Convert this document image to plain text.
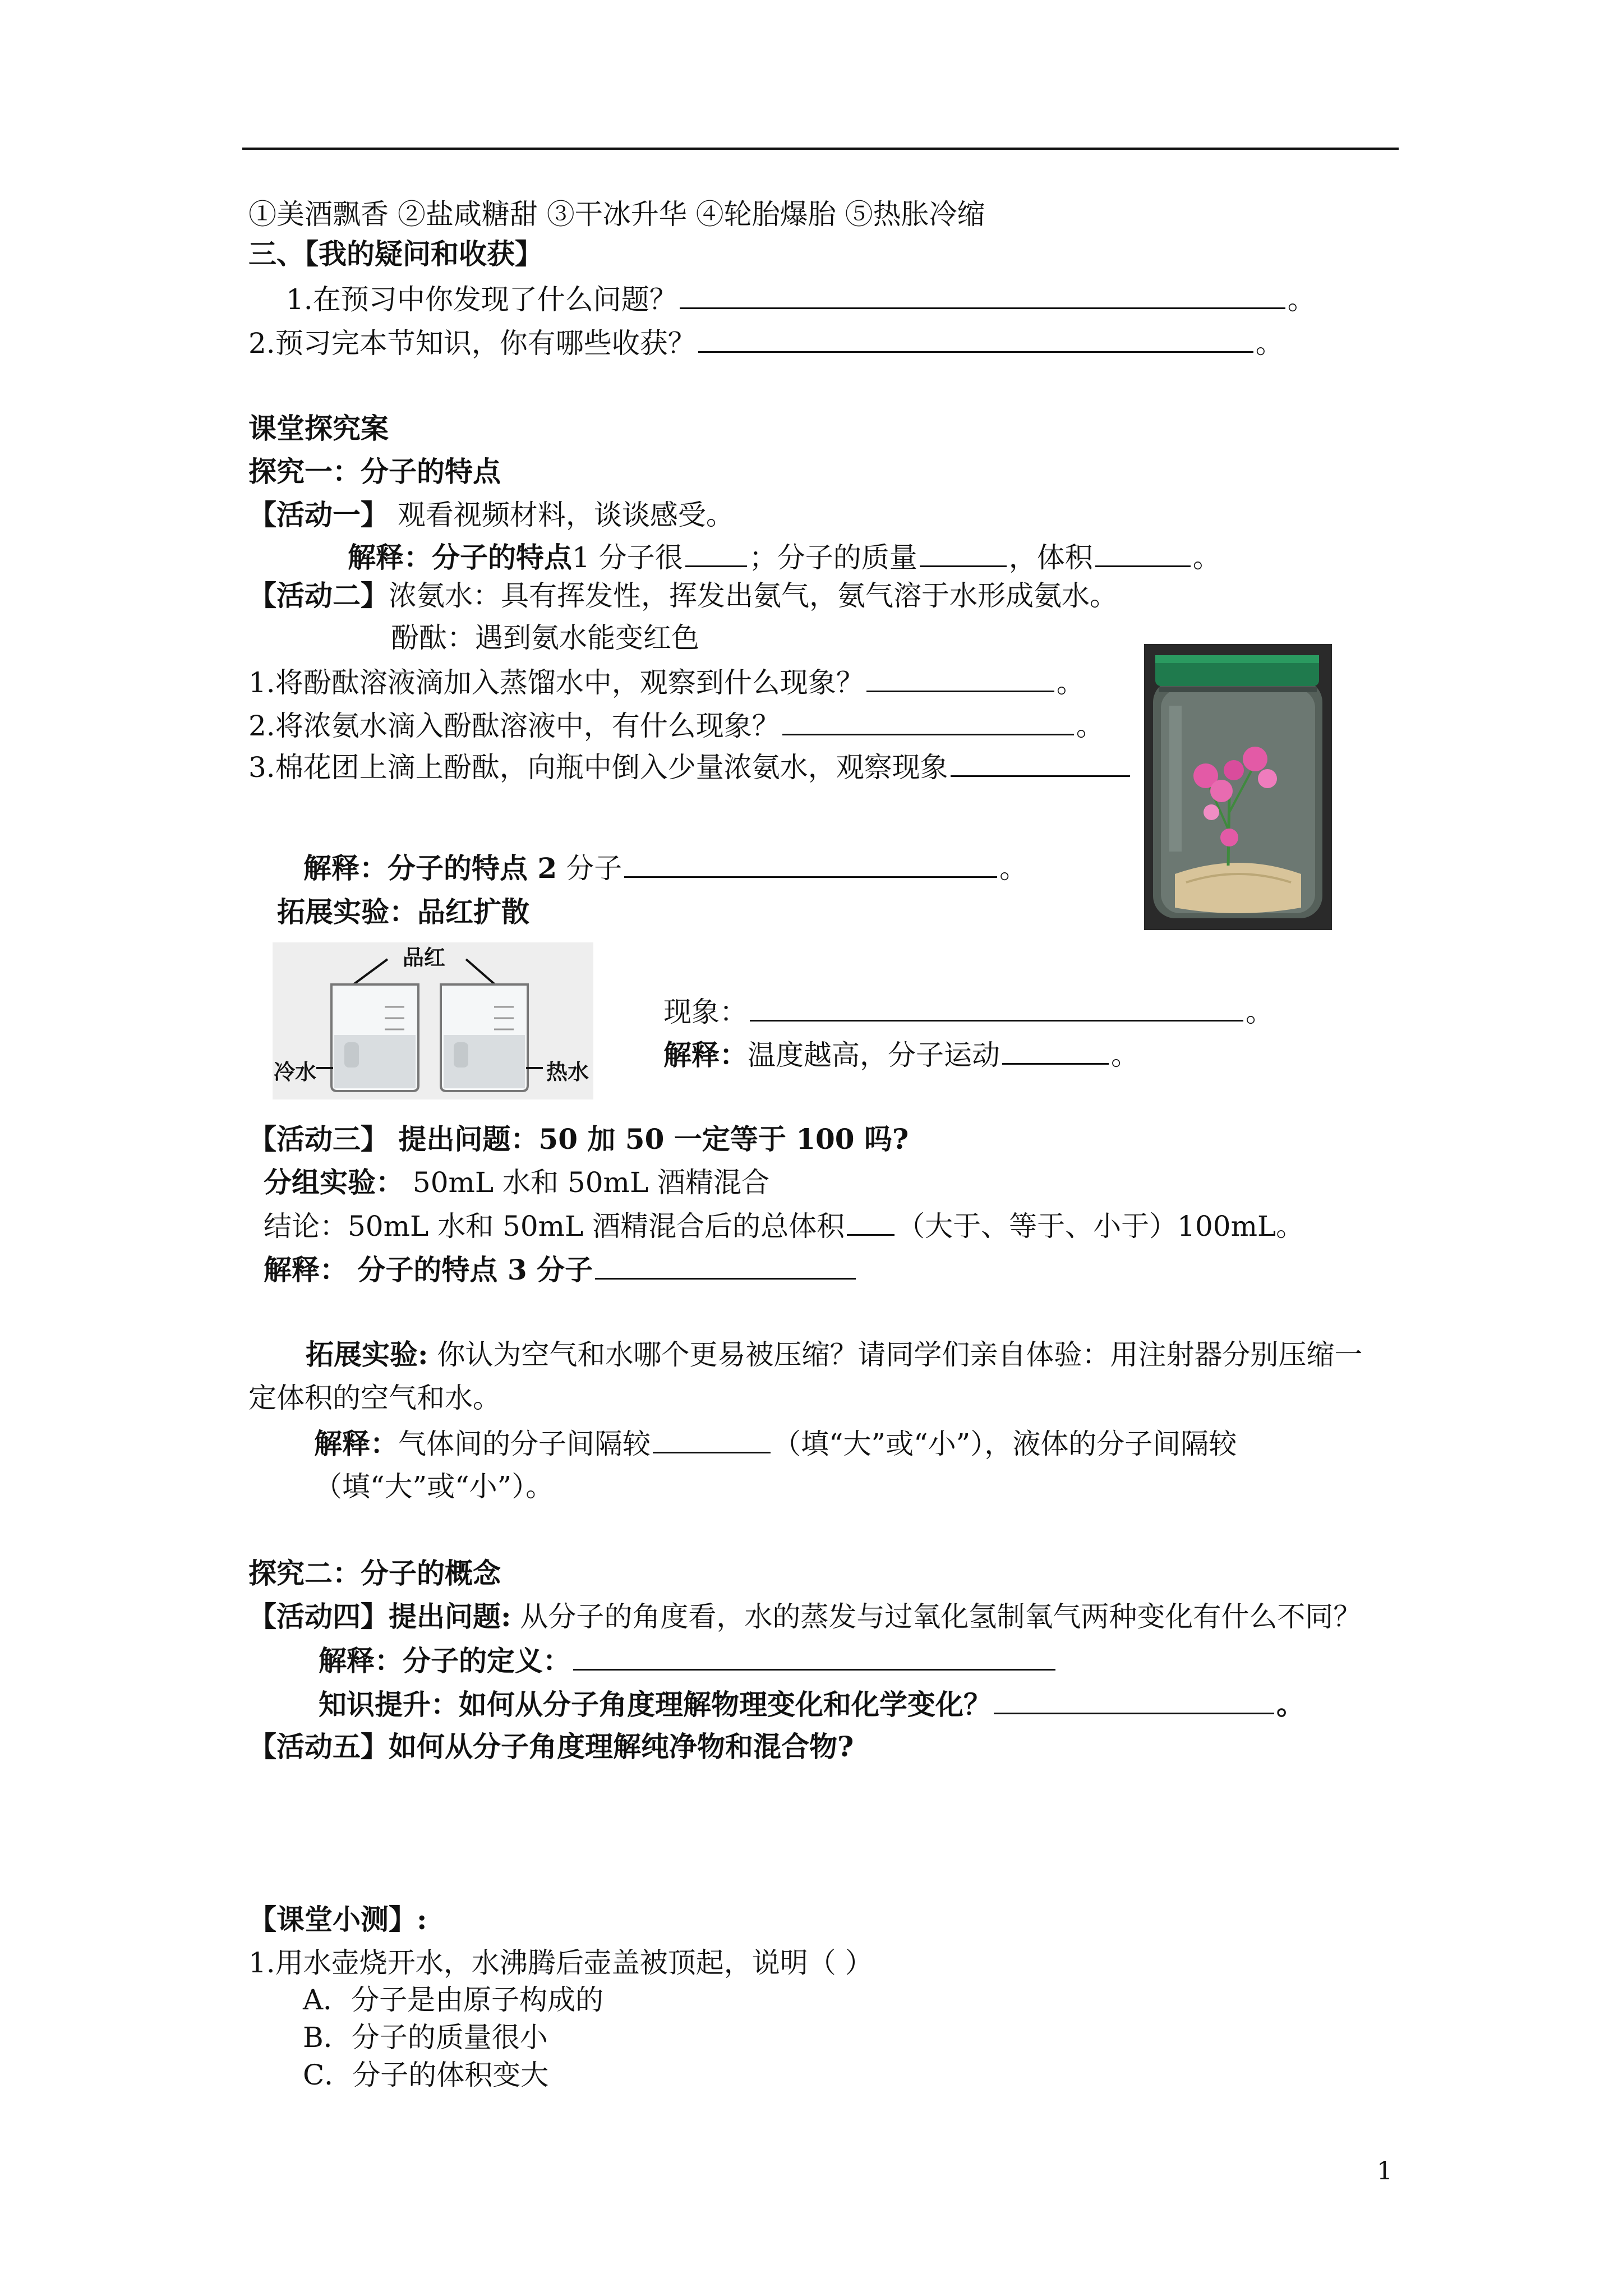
①美酒飘香 ②盐咸糖甜 ③干冰升华 ④轮胎爆胎 ⑤热胀冷缩
三、【我的疑问和收获】
1.在预习中你发现了什么问题？	。
2.预习完本节知识，你有哪些收获？	。
课堂探究案
探究一：分子的特点
【活动一】 观看视频材料，谈谈感受。
解释：分子的特点1 分子很 ；分子的质量	，体积	。
【活动二】浓氨水：具有挥发性，挥发出氨气，氨气溶于水形成氨水。
酚酞：遇到氨水能变红色
1.将酚酞溶液滴加入蒸馏水中，观察到什么现象？	。
2.将浓氨水滴入酚酞溶液中，有什么现象？	。
3.棉花团上滴上酚酞，向瓶中倒入少量浓氨水，观察现象
解释：分子的特点 2 分子	。
拓展实验：品红扩散
品红
冷水	热水
现象：	。
解释：温度越高，分子运动	。
【活动三】 提出问题：50 加 50 一定等于 100 吗?
分组实验： 50mL 水和 50mL 酒精混合
结论：50mL 水和 50mL 酒精混合后的总体积 （大于、等于、小于）100mL。
解释： 分子的特点 3 分子
拓展实验: 你认为空气和水哪个更易被压缩？请同学们亲自体验：用注射器分别压缩一
定体积的空气和水。
解释：气体间的分子间隔较	（填“大”或“小”），液体的分子间隔较
（填“大”或“小”）。
探究二：分子的概念
【活动四】提出问题: 从分子的角度看，水的蒸发与过氧化氢制氧气两种变化有什么不同？
解释：分子的定义：
知识提升：如何从分子角度理解物理变化和化学变化？	。
【活动五】如何从分子角度理解纯净物和混合物?
【课堂小测】:
1.用水壶烧开水，水沸腾后壶盖被顶起，说明（ ）
A．分子是由原子构成的
B．分子的质量很小
C．分子的体积变大
1
